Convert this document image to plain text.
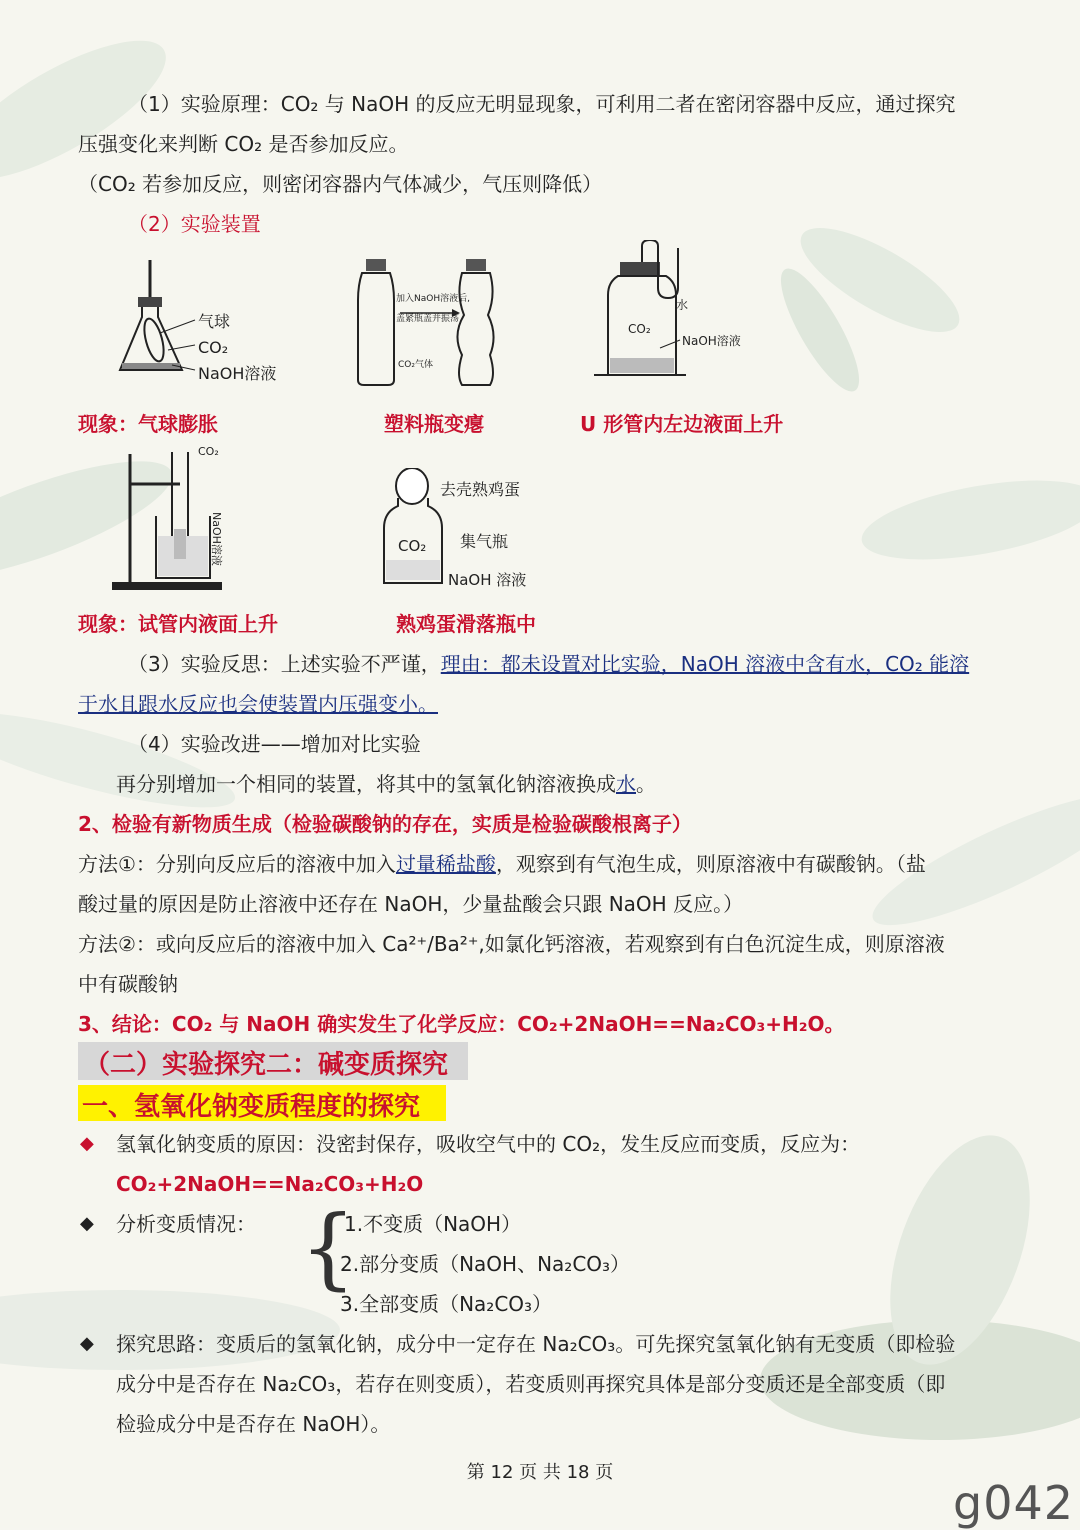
（1）实验原理：CO₂ 与 NaOH 的反应无明显现象，可利用二者在密闭容器中反应，通过探究
压强变化来判断 CO₂ 是否参加反应。
（CO₂ 若参加反应，则密闭容器内气体减少，气压则降低）
（2）实验装置
气球
CO₂
NaOH溶液
加入NaOH溶液后,
盖紧瓶盖并振荡
CO₂气体
水
CO₂
NaOH溶液
现象：气球膨胀	塑料瓶变瘪	U 形管内左边液面上升
CO₂
NaOH溶液
去壳熟鸡蛋
CO₂ 集气瓶
NaOH 溶液
现象：试管内液面上升	熟鸡蛋滑落瓶中
（3）实验反思：上述实验不严谨，理由：都未设置对比实验，NaOH 溶液中含有水，CO₂ 能溶
于水且跟水反应也会使装置内压强变小。
（4）实验改进——增加对比实验
再分别增加一个相同的装置，将其中的氢氧化钠溶液换成水。
2、检验有新物质生成（检验碳酸钠的存在，实质是检验碳酸根离子）
方法①：分别向反应后的溶液中加入过量稀盐酸，观察到有气泡生成，则原溶液中有碳酸钠。（盐
酸过量的原因是防止溶液中还存在 NaOH，少量盐酸会只跟 NaOH 反应。）
方法②：或向反应后的溶液中加入 Ca²⁺/Ba²⁺,如氯化钙溶液，若观察到有白色沉淀生成，则原溶液
中有碳酸钠
3、结论：CO₂ 与 NaOH 确实发生了化学反应：CO₂+2NaOH==Na₂CO₃+H₂O。
（二）实验探究二：碱变质探究
一、氢氧化钠变质程度的探究
◆ 氢氧化钠变质的原因：没密封保存，吸收空气中的 CO₂，发生反应而变质，反应为：
CO₂+2NaOH==Na₂CO₃+H₂O
◆ 分析变质情况： {
1.不变质（NaOH）
2.部分变质（NaOH、Na₂CO₃）
3.全部变质（Na₂CO₃）
◆ 探究思路：变质后的氢氧化钠，成分中一定存在 Na₂CO₃。可先探究氢氧化钠有无变质（即检验
成分中是否存在 Na₂CO₃，若存在则变质），若变质则再探究具体是部分变质还是全部变质（即
检验成分中是否存在 NaOH）。
第 12 页 共 18 页
g042
